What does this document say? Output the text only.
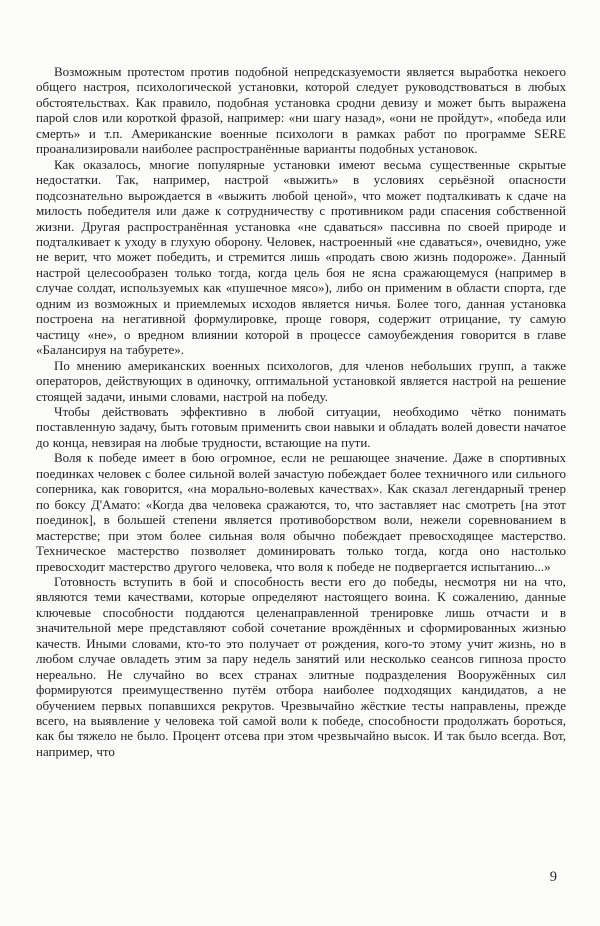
Возможным протестом против подобной непредсказуемости является выработка некоего общего настроя, психологической установки, которой следует руководствоваться в любых обстоятельствах. Как правило, подобная установка сродни девизу и может быть выражена парой слов или короткой фразой, например: «ни шагу назад», «они не пройдут», «победа или смерть» и т.п. Американские военные психологи в рамках работ по программе SERE проанализировали наиболее распространённые варианты подобных установок.

Как оказалось, многие популярные установки имеют весьма существенные скрытые недостатки. Так, например, настрой «выжить» в условиях серьёзной опасности подсознательно вырождается в «выжить любой ценой», что может подталкивать к сдаче на милость победителя или даже к сотрудничеству с противником ради спасения собственной жизни. Другая распространённая установка «не сдаваться» пассивна по своей природе и подталкивает к уходу в глухую оборону. Человек, настроенный «не сдаваться», очевидно, уже не верит, что может победить, и стремится лишь «продать свою жизнь подороже». Данный настрой целесообразен только тогда, когда цель боя не ясна сражающемуся (например в случае солдат, используемых как «пушечное мясо»), либо он применим в области спорта, где одним из возможных и приемлемых исходов является ничья. Более того, данная установка построена на негативной формулировке, проще говоря, содержит отрицание, ту самую частицу «не», о вредном влиянии которой в процессе самоубеждения говорится в главе «Балансируя на табурете».

По мнению американских военных психологов, для членов небольших групп, а также операторов, действующих в одиночку, оптимальной установкой является настрой на решение стоящей задачи, иными словами, настрой на победу.

Чтобы действовать эффективно в любой ситуации, необходимо чётко понимать поставленную задачу, быть готовым применить свои навыки и обладать волей довести начатое до конца, невзирая на любые трудности, встающие на пути.

Воля к победе имеет в бою огромное, если не решающее значение. Даже в спортивных поединках человек с более сильной волей зачастую побеждает более техничного или сильного соперника, как говорится, «на морально-волевых качествах». Как сказал легендарный тренер по боксу Д'Амато: «Когда два человека сражаются, то, что заставляет нас смотреть [на этот поединок], в большей степени является противоборством воли, нежели соревнованием в мастерстве; при этом более сильная воля обычно побеждает превосходящее мастерство. Техническое мастерство позволяет доминировать только тогда, когда оно настолько превосходит мастерство другого человека, что воля к победе не подвергается испытанию...»

Готовность вступить в бой и способность вести его до победы, несмотря ни на что, являются теми качествами, которые определяют настоящего воина. К сожалению, данные ключевые способности поддаются целенаправленной тренировке лишь отчасти и в значительной мере представляют собой сочетание врождённых и сформированных жизнью качеств. Иными словами, кто-то это получает от рождения, кого-то этому учит жизнь, но в любом случае овладеть этим за пару недель занятий или несколько сеансов гипноза просто нереально. Не случайно во всех странах элитные подразделения Вооружённых сил формируются преимущественно путём отбора наиболее подходящих кандидатов, а не обучением первых попавшихся рекрутов. Чрезвычайно жёсткие тесты направлены, прежде всего, на выявление у человека той самой воли к победе, способности продолжать бороться, как бы тяжело не было. Процент отсева при этом чрезвычайно высок. И так было всегда. Вот, например, что

9
